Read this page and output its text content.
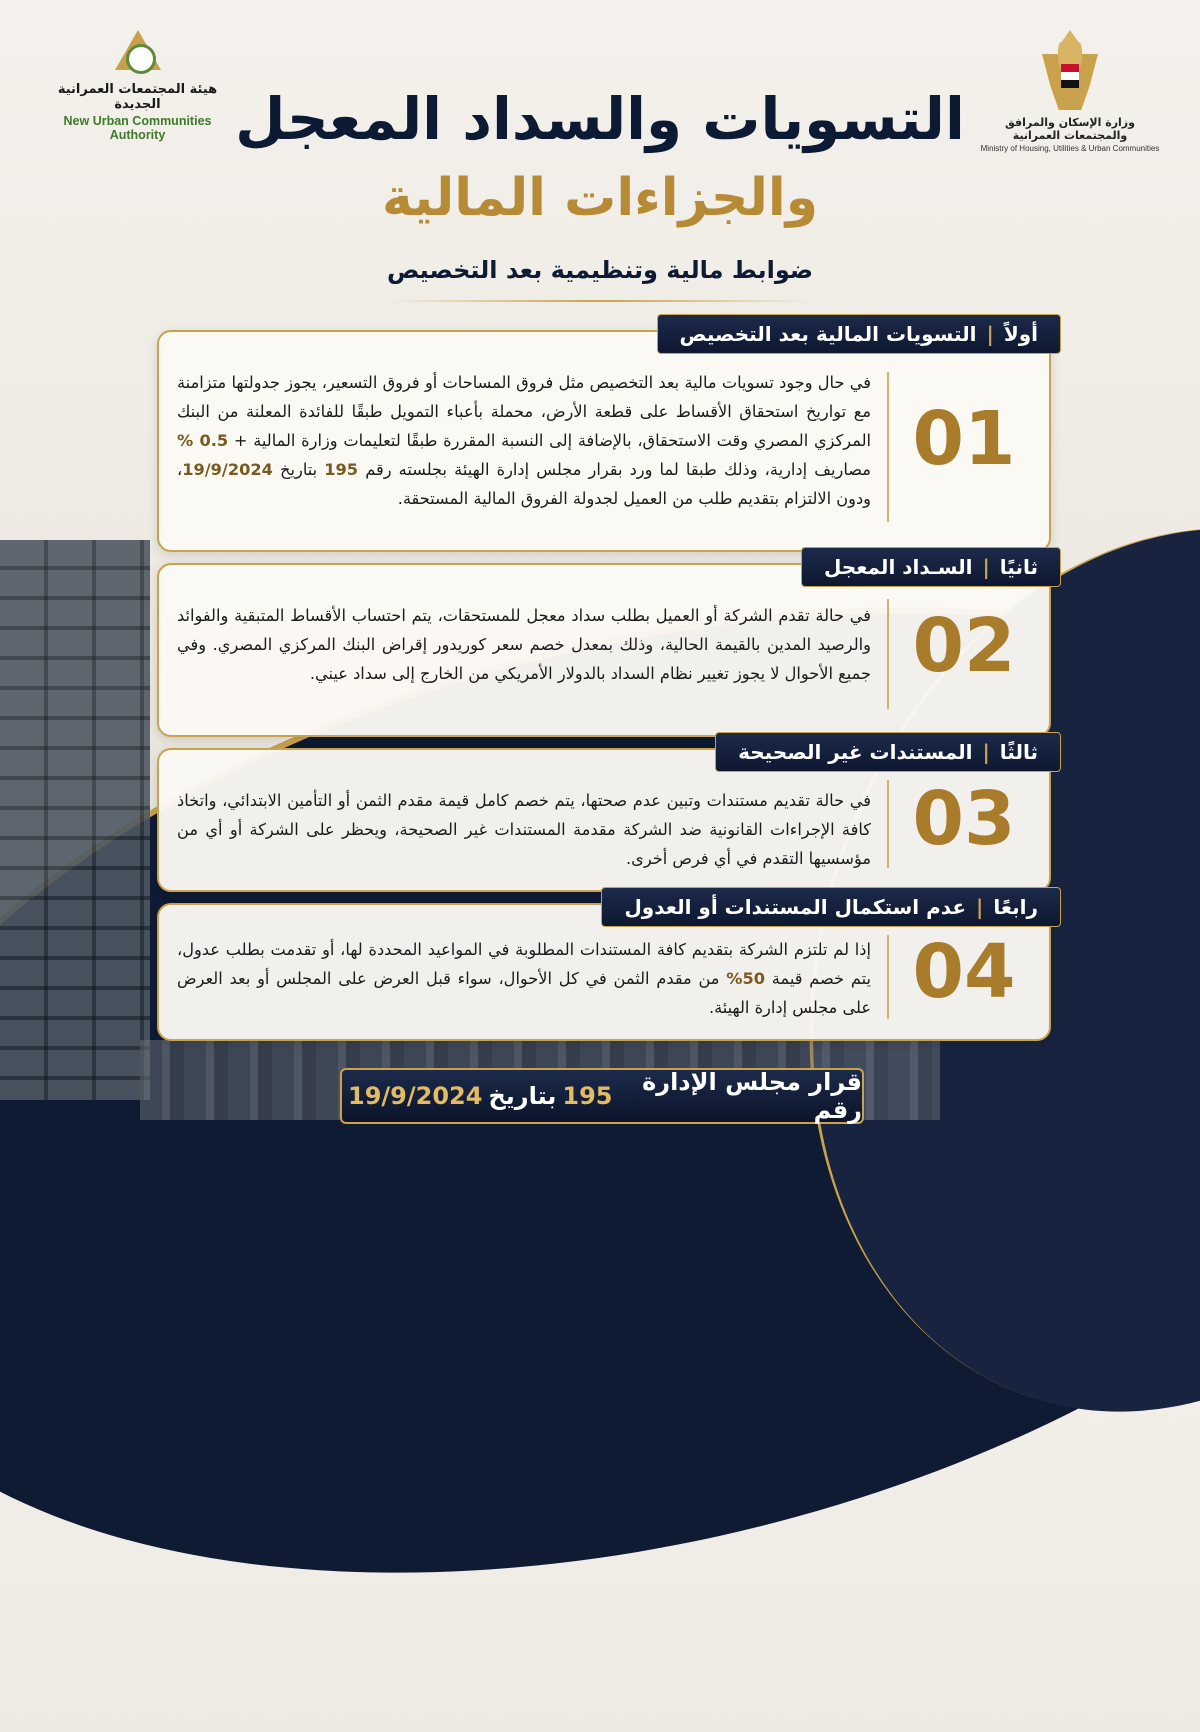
هيئة المجتمعات العمرانية الجديدة
New Urban Communities Authority
وزارة الإسكان والمرافق والمجتمعات العمرانية
Ministry of Housing, Utilities & Urban Communities
التسويات والسداد المعجل
والجزاءات المالية
ضوابط مالية وتنظيمية بعد التخصيص
أولاً
|
التسويات المالية بعد التخصيص
01
في حال وجود تسويات مالية بعد التخصيص مثل فروق المساحات أو فروق التسعير، يجوز جدولتها متزامنة مع تواريخ استحقاق الأقساط على قطعة الأرض، محملة بأعباء التمويل طبقًا للفائدة المعلنة من البنك المركزي المصري وقت الاستحقاق، بالإضافة إلى النسبة المقررة طبقًا لتعليمات وزارة المالية + 0.5 % مصاريف إدارية، وذلك طبقا لما ورد بقرار مجلس إدارة الهيئة بجلسته رقم 195 بتاريخ 19/9/2024، ودون الالتزام بتقديم طلب من العميل لجدولة الفروق المالية المستحقة.
ثانيًا
|
السـداد المعجل
02
في حالة تقدم الشركة أو العميل بطلب سداد معجل للمستحقات، يتم احتساب الأقساط المتبقية والفوائد والرصيد المدين بالقيمة الحالية، وذلك بمعدل خصم سعر كوريدور إقراض البنك المركزي المصري. وفي جميع الأحوال لا يجوز تغيير نظام السداد بالدولار الأمريكي من الخارج إلى سداد عيني.
ثالثًا
|
المستندات غير الصحيحة
03
في حالة تقديم مستندات وتبين عدم صحتها، يتم خصم كامل قيمة مقدم الثمن أو التأمين الابتدائي، واتخاذ كافة الإجراءات القانونية ضد الشركة مقدمة المستندات غير الصحيحة، ويحظر على الشركة أو أي من مؤسسيها التقدم في أي فرص أخرى.
رابعًا
|
عدم استكمال المستندات أو العدول
04
إذا لم تلتزم الشركة بتقديم كافة المستندات المطلوبة في المواعيد المحددة لها، أو تقدمت بطلب عدول، يتم خصم قيمة 50% من مقدم الثمن في كل الأحوال، سواء قبل العرض على المجلس أو بعد العرض على مجلس إدارة الهيئة.
قرار مجلس الإدارة رقم
195
بتاريخ
19/9/2024
